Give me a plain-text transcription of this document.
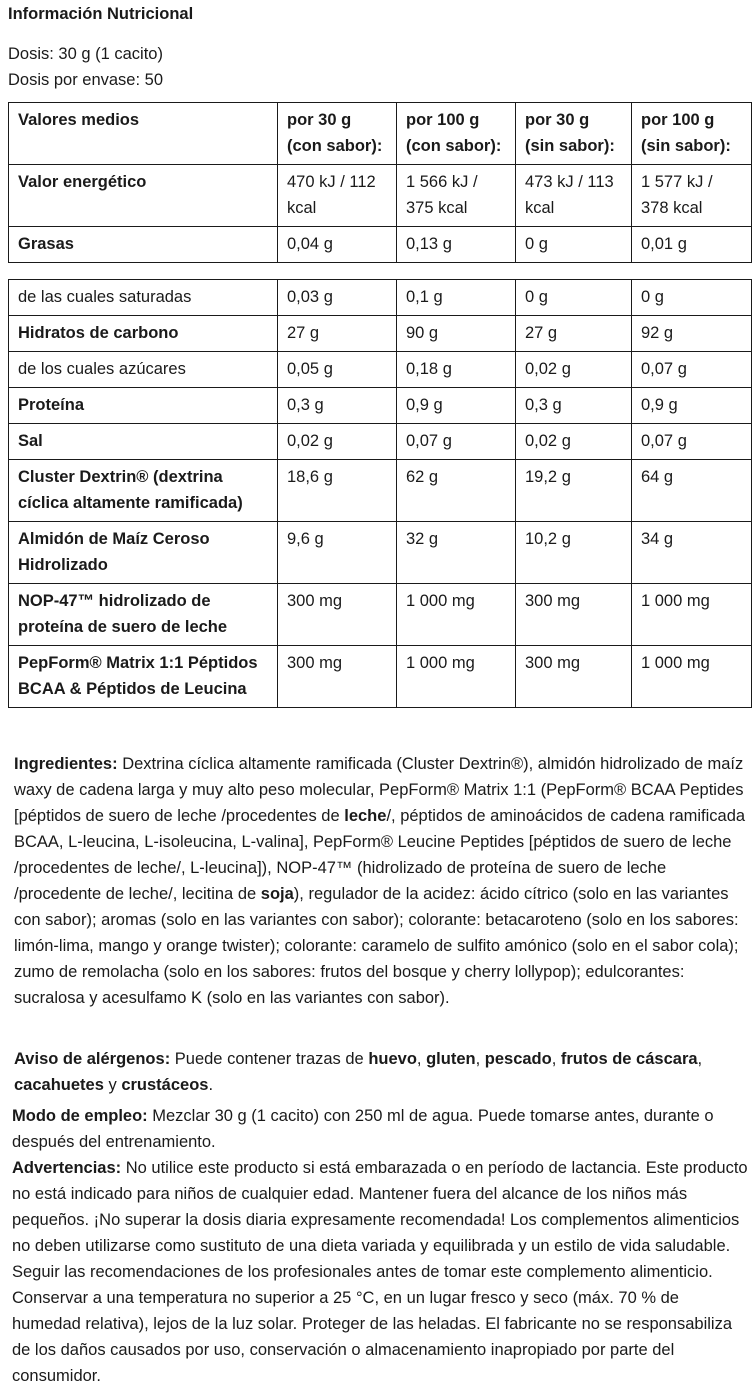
Información Nutricional
Dosis: 30 g (1 cacito)
Dosis por envase: 50
Valores medios	por 30 g (con sabor):	por 100 g (con sabor):	por 30 g (sin sabor):	por 100 g (sin sabor):
Valor energético	470 kJ / 112 kcal	1 566 kJ / 375 kcal	473 kJ / 113 kcal	1 577 kJ / 378 kcal
Grasas	0,04 g	0,13 g	0 g	0,01 g
de las cuales saturadas	0,03 g	0,1 g	0 g	0 g
Hidratos de carbono	27 g	90 g	27 g	92 g
de los cuales azúcares	0,05 g	0,18 g	0,02 g	0,07 g
Proteína	0,3 g	0,9 g	0,3 g	0,9 g
Sal	0,02 g	0,07 g	0,02 g	0,07 g
Cluster Dextrin® (dextrina cíclica altamente ramificada)	18,6 g	62 g	19,2 g	64 g
Almidón de Maíz Ceroso Hidrolizado	9,6 g	32 g	10,2 g	34 g
NOP-47™ hidrolizado de proteína de suero de leche	300 mg	1 000 mg	300 mg	1 000 mg
PepForm® Matrix 1:1 Péptidos BCAA & Péptidos de Leucina	300 mg	1 000 mg	300 mg	1 000 mg

Ingredientes: Dextrina cíclica altamente ramificada (Cluster Dextrin®), almidón hidrolizado de maíz waxy de cadena larga y muy alto peso molecular, PepForm® Matrix 1:1 (PepForm® BCAA Peptides [péptidos de suero de leche /procedentes de leche/, péptidos de aminoácidos de cadena ramificada BCAA, L-leucina, L-isoleucina, L-valina], PepForm® Leucine Peptides [péptidos de suero de leche /procedentes de leche/, L-leucina]), NOP-47™ (hidrolizado de proteína de suero de leche /procedente de leche/, lecitina de soja), regulador de la acidez: ácido cítrico (solo en las variantes con sabor); aromas (solo en las variantes con sabor); colorante: betacaroteno (solo en los sabores: limón-lima, mango y orange twister); colorante: caramelo de sulfito amónico (solo en el sabor cola); zumo de remolacha (solo en los sabores: frutos del bosque y cherry lollypop); edulcorantes: sucralosa y acesulfamo K (solo en las variantes con sabor).

Aviso de alérgenos: Puede contener trazas de huevo, gluten, pescado, frutos de cáscara, cacahuetes y crustáceos.

Modo de empleo: Mezclar 30 g (1 cacito) con 250 ml de agua. Puede tomarse antes, durante o después del entrenamiento.

Advertencias: No utilice este producto si está embarazada o en período de lactancia. Este producto no está indicado para niños de cualquier edad. Mantener fuera del alcance de los niños más pequeños. ¡No superar la dosis diaria expresamente recomendada! Los complementos alimenticios no deben utilizarse como sustituto de una dieta variada y equilibrada y un estilo de vida saludable. Seguir las recomendaciones de los profesionales antes de tomar este complemento alimenticio. Conservar a una temperatura no superior a 25 °C, en un lugar fresco y seco (máx. 70 % de humedad relativa), lejos de la luz solar. Proteger de las heladas. El fabricante no se responsabiliza de los daños causados por uso, conservación o almacenamiento inapropiado por parte del consumidor.
